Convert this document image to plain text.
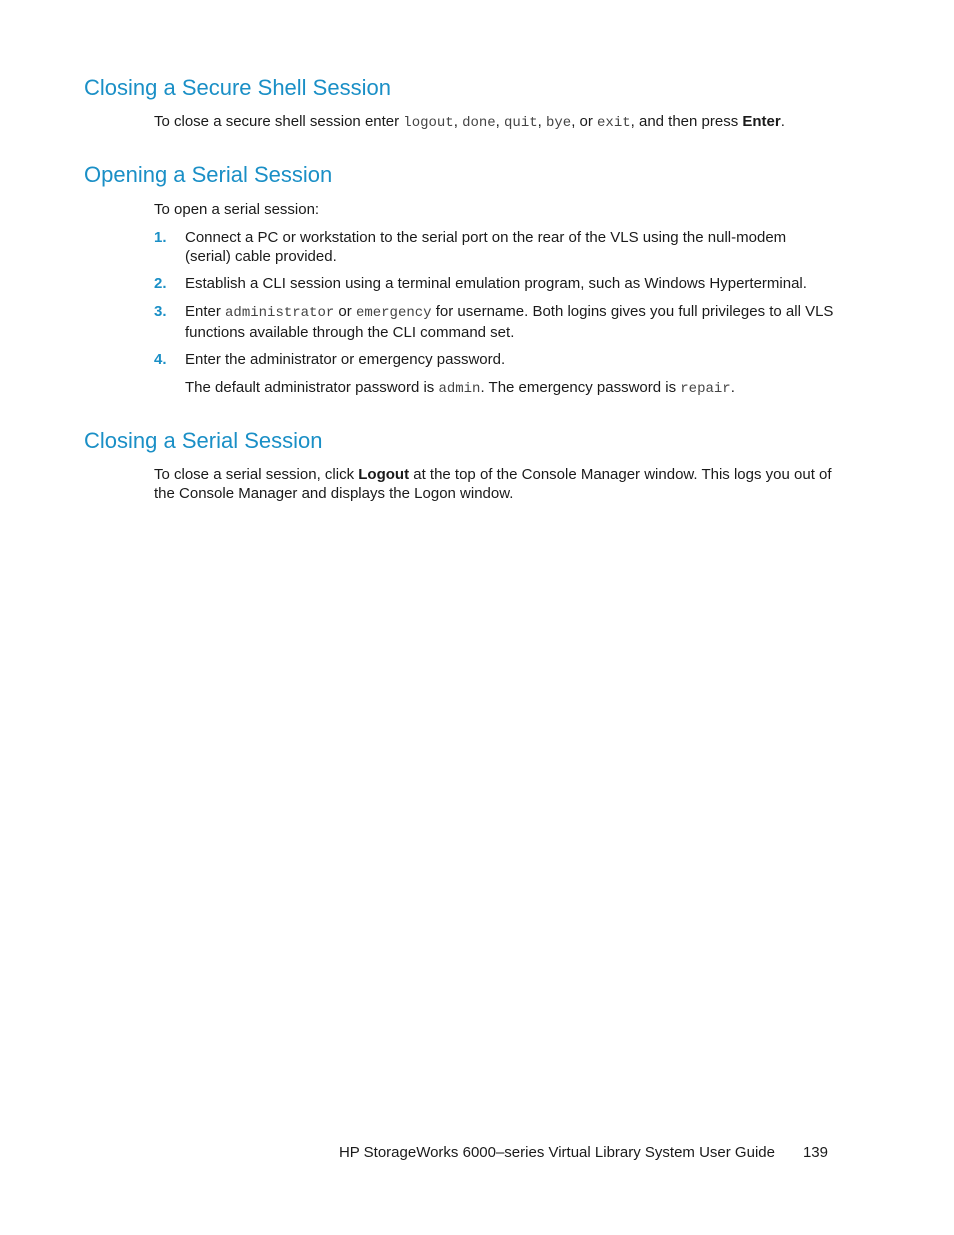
Closing a Secure Shell Session

To close a secure shell session enter logout, done, quit, bye, or exit, and then press Enter.

Opening a Serial Session

To open a serial session:

1. Connect a PC or workstation to the serial port on the rear of the VLS using the null-modem (serial) cable provided.

2. Establish a CLI session using a terminal emulation program, such as Windows Hyperterminal.

3. Enter administrator or emergency for username. Both logins gives you full privileges to all VLS functions available through the CLI command set.

4. Enter the administrator or emergency password.

The default administrator password is admin. The emergency password is repair.

Closing a Serial Session

To close a serial session, click Logout at the top of the Console Manager window. This logs you out of the Console Manager and displays the Logon window.

HP StorageWorks 6000–series Virtual Library System User Guide 139
